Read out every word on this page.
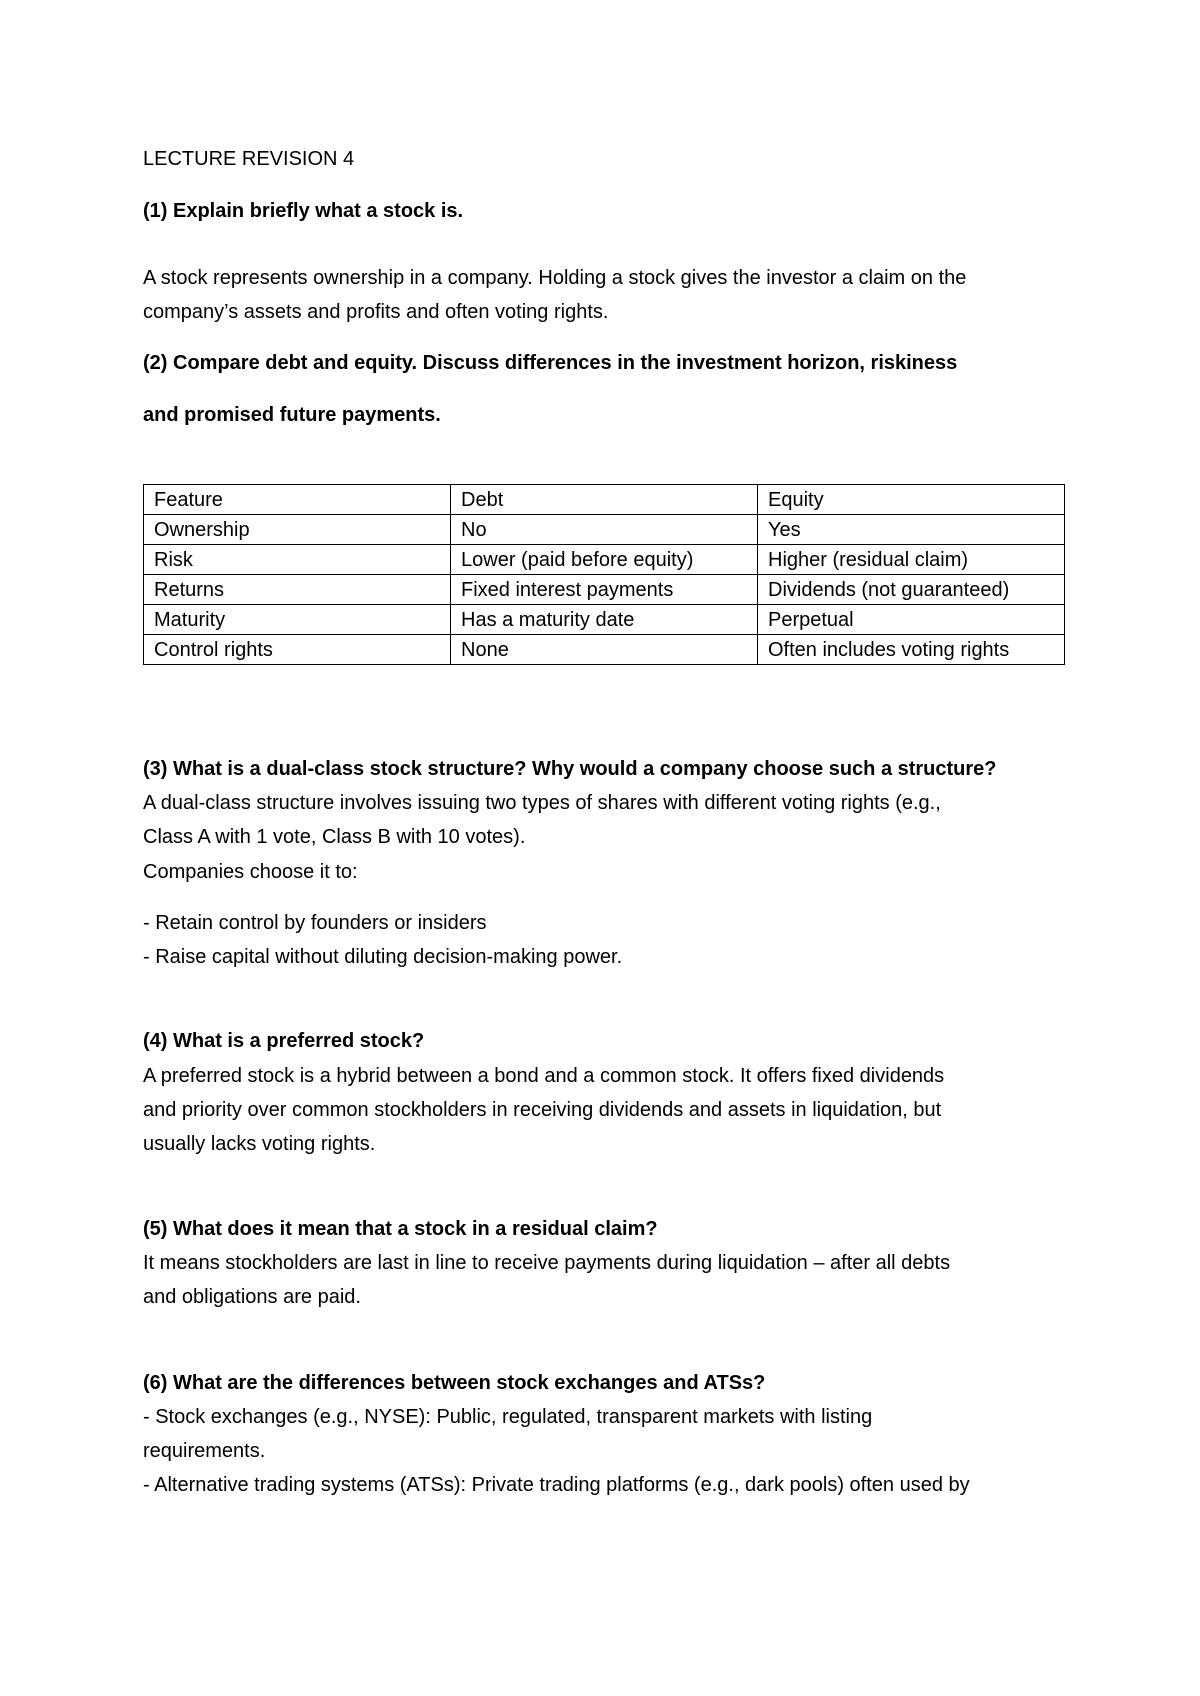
LECTURE REVISION 4
(1) Explain briefly what a stock is.
A stock represents ownership in a company. Holding a stock gives the investor a claim on the
company’s assets and profits and often voting rights.
(2) Compare debt and equity. Discuss differences in the investment horizon, riskiness
and promised future payments.
Feature	Debt	Equity
Ownership	No	Yes
Risk	Lower (paid before equity)	Higher (residual claim)
Returns	Fixed interest payments	Dividends (not guaranteed)
Maturity	Has a maturity date	Perpetual
Control rights	None	Often includes voting rights
(3) What is a dual-class stock structure? Why would a company choose such a structure?
A dual-class structure involves issuing two types of shares with different voting rights (e.g.,
Class A with 1 vote, Class B with 10 votes).
Companies choose it to:
- Retain control by founders or insiders
- Raise capital without diluting decision-making power.
(4) What is a preferred stock?
A preferred stock is a hybrid between a bond and a common stock. It offers fixed dividends
and priority over common stockholders in receiving dividends and assets in liquidation, but
usually lacks voting rights.
(5) What does it mean that a stock in a residual claim?
It means stockholders are last in line to receive payments during liquidation – after all debts
and obligations are paid.
(6) What are the differences between stock exchanges and ATSs?
- Stock exchanges (e.g., NYSE): Public, regulated, transparent markets with listing
requirements.
- Alternative trading systems (ATSs): Private trading platforms (e.g., dark pools) often used by
